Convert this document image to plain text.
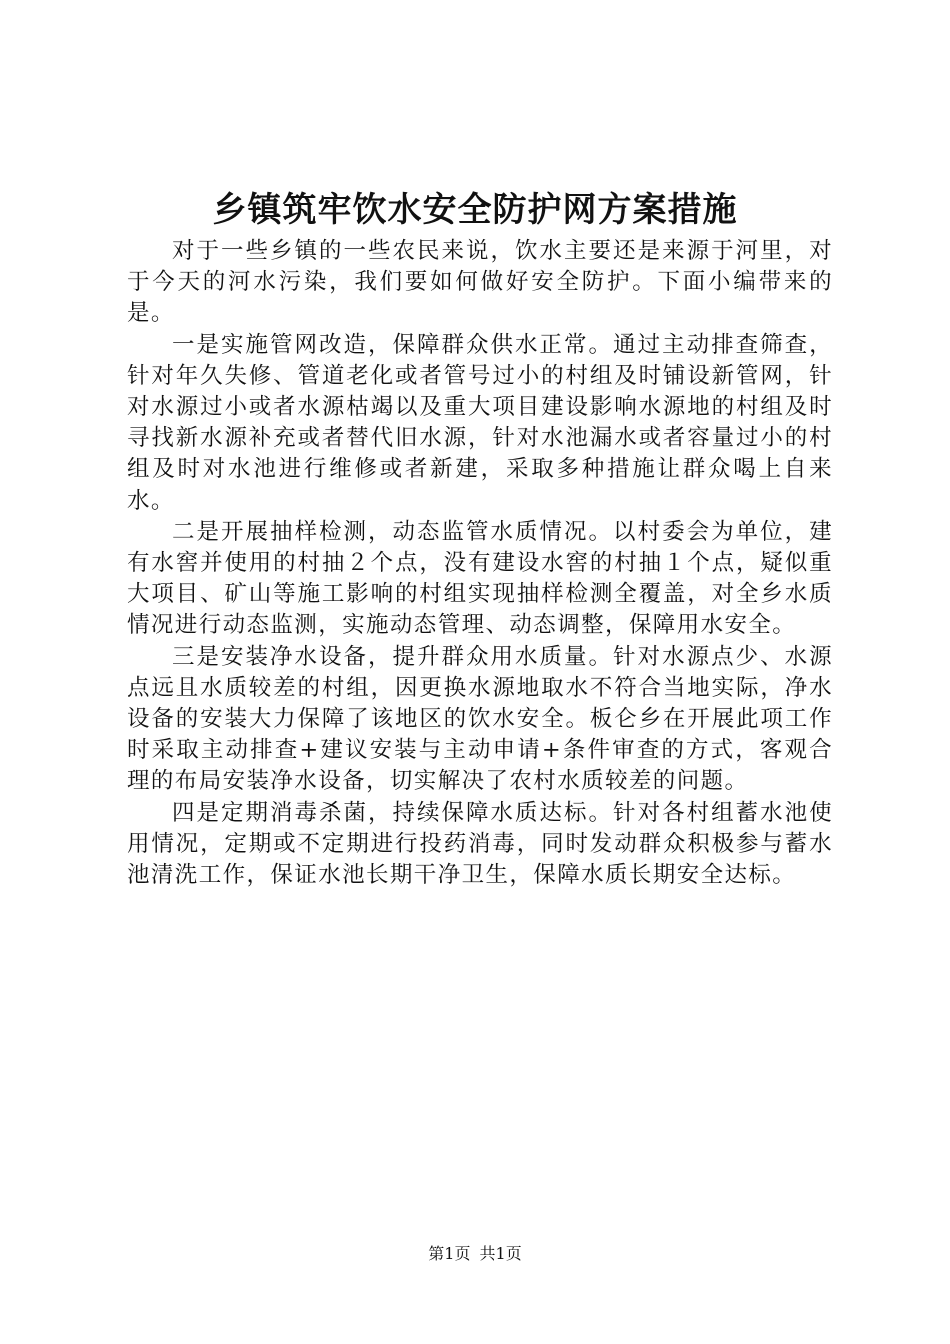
乡镇筑牢饮水安全防护网方案措施

对于一些乡镇的一些农民来说，饮水主要还是来源于河里，对于今天的河水污染，我们要如何做好安全防护。下面小编带来的是。

一是实施管网改造，保障群众供水正常。通过主动排查筛查，针对年久失修、管道老化或者管号过小的村组及时铺设新管网，针对水源过小或者水源枯竭以及重大项目建设影响水源地的村组及时寻找新水源补充或者替代旧水源，针对水池漏水或者容量过小的村组及时对水池进行维修或者新建，采取多种措施让群众喝上自来水。

二是开展抽样检测，动态监管水质情况。以村委会为单位，建有水窖并使用的村抽２个点，没有建设水窖的村抽１个点，疑似重大项目、矿山等施工影响的村组实现抽样检测全覆盖，对全乡水质情况进行动态监测，实施动态管理、动态调整，保障用水安全。

三是安装净水设备，提升群众用水质量。针对水源点少、水源点远且水质较差的村组，因更换水源地取水不符合当地实际，净水设备的安装大力保障了该地区的饮水安全。板仑乡在开展此项工作时采取主动排查+建议安装与主动申请+条件审查的方式，客观合理的布局安装净水设备，切实解决了农村水质较差的问题。

四是定期消毒杀菌，持续保障水质达标。针对各村组蓄水池使用情况，定期或不定期进行投药消毒，同时发动群众积极参与蓄水池清洗工作，保证水池长期干净卫生，保障水质长期安全达标。

第1页 共1页
